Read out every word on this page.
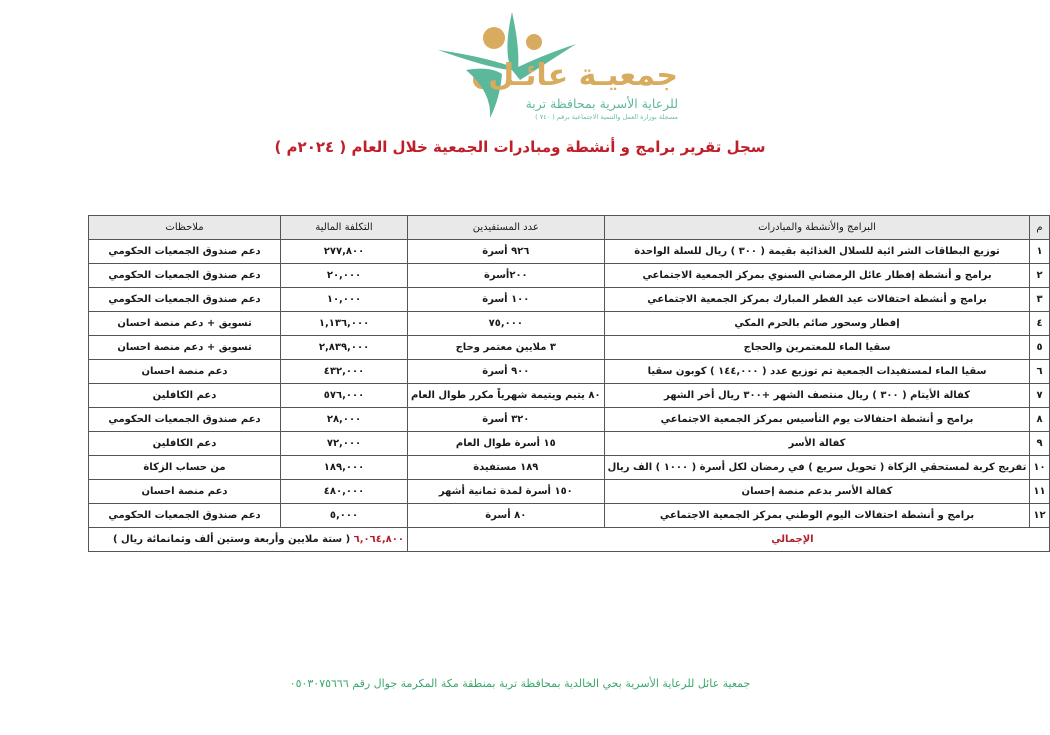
جمعيـة عائـل
للرعاية الأسرية بمحافظة تربة
مسجلة بوزارة العمل والتنمية الاجتماعية برقم ( ٧٤٠ )
سجل تقرير برامج و أنشطة ومبادرات الجمعية خلال العام ( ٢٠٢٤م )
م	البرامج والأنشطة والمبادرات	عدد المستفيدين	التكلفة المالية	ملاحظات
١	توزيع البطاقات الشر ائية للسلال الغذائية بقيمة ( ٣٠٠ ) ريال للسلة الواحدة	٩٢٦ أسرة	٢٧٧,٨٠٠	دعم صندوق الجمعيات الحكومي
٢	برامج و أنشطة إفطار عائل الرمضاني السنوي بمركز الجمعية الاجتماعي	٢٠٠أسرة	٢٠,٠٠٠	دعم صندوق الجمعيات الحكومي
٣	برامج و أنشطة احتفالات عيد الفطر المبارك بمركز الجمعية الاجتماعي	١٠٠ أسرة	١٠,٠٠٠	دعم صندوق الجمعيات الحكومي
٤	إفطار وسحور صائم بالحرم المكي	٧٥,٠٠٠	١,١٣٦,٠٠٠	تسويق + دعم منصة احسان
٥	سقيا الماء للمعتمرين والحجاج	٣ ملايين معتمر وحاج	٢,٨٣٩,٠٠٠	تسويق + دعم منصة احسان
٦	سقيا الماء لمستفيدات الجمعية تم توزيع عدد ( ١٤٤,٠٠٠ ) كوبون سقيا	٩٠٠ أسرة	٤٣٢,٠٠٠	دعم منصة احسان
٧	كفالة الأيتام ( ٣٠٠ ) ريال منتصف الشهر +٣٠٠ ريال أخر الشهر	٨٠ يتيم ويتيمة شهرياً مكرر طوال العام	٥٧٦,٠٠٠	دعم الكافلين
٨	برامج و أنشطة احتفالات يوم التأسيس بمركز الجمعية الاجتماعي	٣٢٠ أسرة	٢٨,٠٠٠	دعم صندوق الجمعيات الحكومي
٩	كفالة الأسر	١٥ أسرة طوال العام	٧٢,٠٠٠	دعم الكافلين
١٠	تفريج كربة لمستحقي الزكاة ( تحويل سريع ) في رمضان لكل أسرة ( ١٠٠٠ ) الف ريال	١٨٩ مستفيدة	١٨٩,٠٠٠	من حساب الزكاة
١١	كفالة الأسر بدعم منصة إحسان	١٥٠ أسرة لمدة ثمانية أشهر	٤٨٠,٠٠٠	دعم منصة احسان
١٢	برامج و أنشطة احتفالات اليوم الوطني بمركز الجمعية الاجتماعي	٨٠ أسرة	٥,٠٠٠	دعم صندوق الجمعيات الحكومي
الإجمالي			٦,٠٦٤,٨٠٠ ( ستة ملايين وأربعة وستين ألف وثمانمائة ريال )	
جمعية عائل للرعاية الأسرية بحي الخالدية بمحافظة تربة بمنطقة مكة المكرمة جوال رقم ٠٥٠٣٠٧٥٦٦٦
